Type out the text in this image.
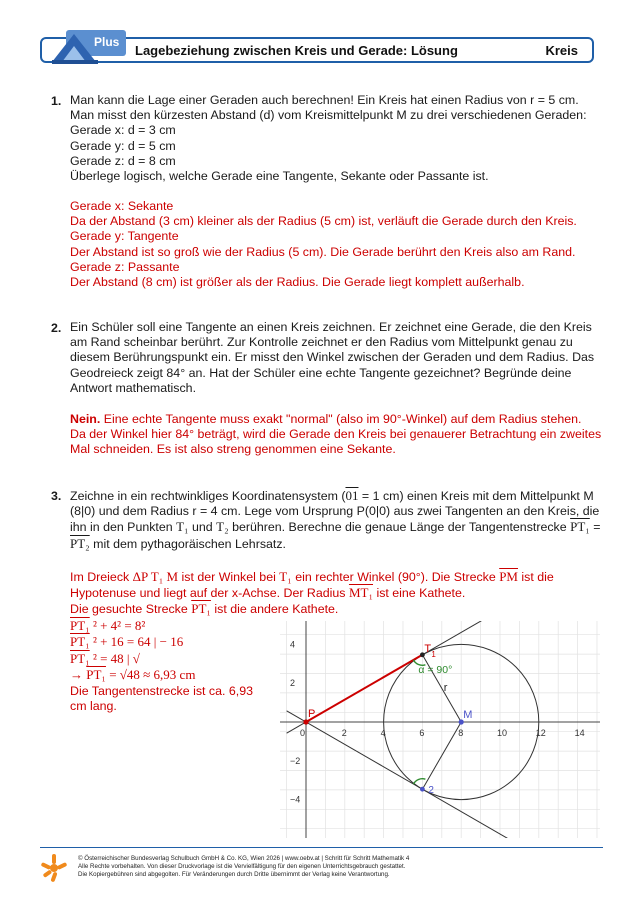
Lagebeziehung zwischen Kreis und Gerade: Lösung	Kreis
Plus
1. Man kann die Lage einer Geraden auch berechnen! Ein Kreis hat einen Radius von r = 5 cm.
Man misst den kürzesten Abstand (d) vom Kreismittelpunkt M zu drei verschiedenen Geraden:
Gerade x: d = 3 cm
Gerade y: d = 5 cm
Gerade z: d = 8 cm
Überlege logisch, welche Gerade eine Tangente, Sekante oder Passante ist.
Gerade x: Sekante
Da der Abstand (3 cm) kleiner als der Radius (5 cm) ist, verläuft die Gerade durch den Kreis.
Gerade y: Tangente
Der Abstand ist so groß wie der Radius (5 cm). Die Gerade berührt den Kreis also am Rand.
Gerade z: Passante
Der Abstand (8 cm) ist größer als der Radius. Die Gerade liegt komplett außerhalb.
2. Ein Schüler soll eine Tangente an einen Kreis zeichnen. Er zeichnet eine Gerade, die den Kreis
am Rand scheinbar berührt. Zur Kontrolle zeichnet er den Radius vom Mittelpunkt genau zu
diesem Berührungspunkt ein. Er misst den Winkel zwischen der Geraden und dem Radius. Das
Geodreieck zeigt 84° an. Hat der Schüler eine echte Tangente gezeichnet? Begründe deine
Antwort mathematisch.
Nein. Eine echte Tangente muss exakt "normal" (also im 90°-Winkel) auf dem Radius stehen.
Da der Winkel hier 84° beträgt, wird die Gerade den Kreis bei genauerer Betrachtung ein zweites
Mal schneiden. Es ist also streng genommen eine Sekante.
3. Zeichne in ein rechtwinkliges Koordinatensystem (01 = 1 cm) einen Kreis mit dem Mittelpunkt M
(8|0) und dem Radius r = 4 cm. Lege vom Ursprung P(0|0) aus zwei Tangenten an den Kreis, die
ihn in den Punkten T₁ und T₂ berühren. Berechne die genaue Länge der Tangentenstrecke PT₁ =
PT₂ mit dem pythagoräischen Lehrsatz.
Im Dreieck ΔP T₁ M ist der Winkel bei T₁ ein rechter Winkel (90°). Die Strecke $\overline{PM}$ ist die
Hypotenuse und liegt auf der x-Achse. Der Radius MT₁ ist eine Kathete.
Die gesuchte Strecke PT₁ ist die andere Kathete.
PT₁ ² + 4² = 8²
PT₁ ² + 16 = 64 | − 16
PT₁ ² = 48 | √
→ PT₁ = √48 ≈ 6,93 cm
Die Tangentenstrecke ist ca. 6,93
cm lang.
0	2	4	6	8	10	12	14
4
2
−2
−4
P	M
T 1
2
α = 90°
r
© Österreichischer Bundesverlag Schulbuch GmbH & Co. KG, Wien 2026 | www.oebv.at | Schritt für Schritt Mathematik 4
Alle Rechte vorbehalten. Von dieser Druckvorlage ist die Vervielfältigung für den eigenen Unterrichtsgebrauch gestattet.
Die Kopiergebühren sind abgegolten. Für Veränderungen durch Dritte übernimmt der Verlag keine Verantwortung.
